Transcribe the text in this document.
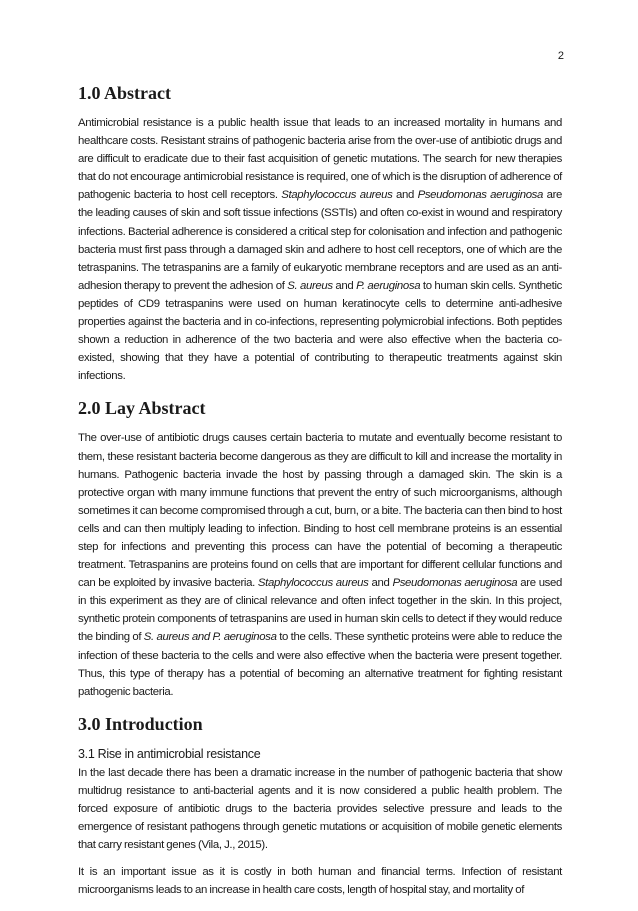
2
1.0 Abstract

Antimicrobial resistance is a public health issue that leads to an increased mortality in humans and healthcare costs. Resistant strains of pathogenic bacteria arise from the over-use of antibiotic drugs and are difficult to eradicate due to their fast acquisition of genetic mutations. The search for new therapies that do not encourage antimicrobial resistance is required, one of which is the disruption of adherence of pathogenic bacteria to host cell receptors. Staphylococcus aureus and Pseudomonas aeruginosa are the leading causes of skin and soft tissue infections (SSTIs) and often co-exist in wound and respiratory infections. Bacterial adherence is considered a critical step for colonisation and infection and pathogenic bacteria must first pass through a damaged skin and adhere to host cell receptors, one of which are the tetraspanins. The tetraspanins are a family of eukaryotic membrane receptors and are used as an anti-adhesion therapy to prevent the adhesion of S. aureus and P. aeruginosa to human skin cells. Synthetic peptides of CD9 tetraspanins were used on human keratinocyte cells to determine anti-adhesive properties against the bacteria and in co-infections, representing polymicrobial infections. Both peptides shown a reduction in adherence of the two bacteria and were also effective when the bacteria co-existed, showing that they have a potential of contributing to therapeutic treatments against skin infections.

2.0 Lay Abstract

The over-use of antibiotic drugs causes certain bacteria to mutate and eventually become resistant to them, these resistant bacteria become dangerous as they are difficult to kill and increase the mortality in humans. Pathogenic bacteria invade the host by passing through a damaged skin. The skin is a protective organ with many immune functions that prevent the entry of such microorganisms, although sometimes it can become compromised through a cut, burn, or a bite. The bacteria can then bind to host cells and can then multiply leading to infection. Binding to host cell membrane proteins is an essential step for infections and preventing this process can have the potential of becoming a therapeutic treatment. Tetraspanins are proteins found on cells that are important for different cellular functions and can be exploited by invasive bacteria. Staphylococcus aureus and Pseudomonas aeruginosa are used in this experiment as they are of clinical relevance and often infect together in the skin. In this project, synthetic protein components of tetraspanins are used in human skin cells to detect if they would reduce the binding of S. aureus and P. aeruginosa to the cells. These synthetic proteins were able to reduce the infection of these bacteria to the cells and were also effective when the bacteria were present together. Thus, this type of therapy has a potential of becoming an alternative treatment for fighting resistant pathogenic bacteria.

3.0 Introduction
3.1 Rise in antimicrobial resistance

In the last decade there has been a dramatic increase in the number of pathogenic bacteria that show multidrug resistance to anti-bacterial agents and it is now considered a public health problem. The forced exposure of antibiotic drugs to the bacteria provides selective pressure and leads to the emergence of resistant pathogens through genetic mutations or acquisition of mobile genetic elements that carry resistant genes (Vila, J., 2015).

It is an important issue as it is costly in both human and financial terms. Infection of resistant microorganisms leads to an increase in health care costs, length of hospital stay, and mortality of
